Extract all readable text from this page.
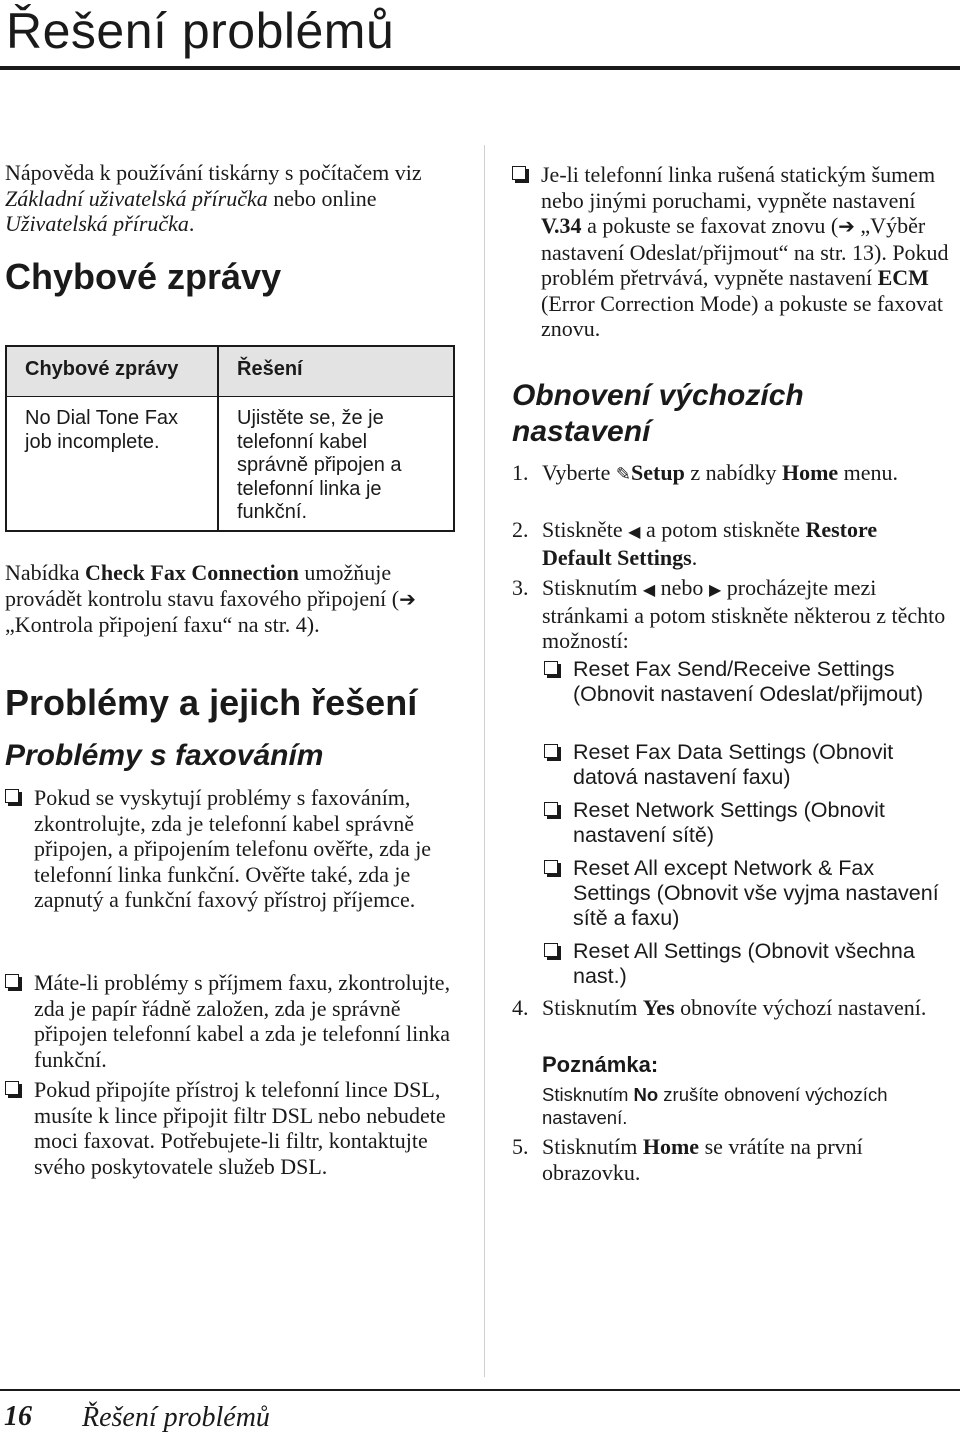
Řešení problémů

Nápověda k používání tiskárny s počítačem viz Základní uživatelská příručka nebo online Uživatelská příručka.

Chybové zprávy
Chybové zprávy	Řešení
No Dial Tone Fax job incomplete.
Ujistěte se, že je telefonní kabel správně připojen a telefonní linka je funkční.

Nabídka Check Fax Connection umožňuje provádět kontrolu stavu faxového připojení (➔ „Kontrola připojení faxu“ na str. 4).

Problémy a jejich řešení
Problémy s faxováním
Pokud se vyskytují problémy s faxováním, zkontrolujte, zda je telefonní kabel správně připojen, a připojením telefonu ověřte, zda je telefonní linka funkční. Ověřte také, zda je zapnutý a funkční faxový přístroj příjemce.
Máte-li problémy s příjmem faxu, zkontrolujte, zda je papír řádně založen, zda je správně připojen telefonní kabel a zda je telefonní linka funkční.
Pokud připojíte přístroj k telefonní lince DSL, musíte k lince připojit filtr DSL nebo nebudete moci faxovat. Potřebujete-li filtr, kontaktujte svého poskytovatele služeb DSL.
Je-li telefonní linka rušená statickým šumem nebo jinými poruchami, vypněte nastavení V.34 a pokuste se faxovat znovu (➔ „Výběr nastavení Odeslat/přijmout“ na str. 13). Pokud problém přetrvává, vypněte nastavení ECM (Error Correction Mode) a pokuste se faxovat znovu.
Obnovení výchozích nastavení
1. Vyberte ✎Setup z nabídky Home menu.
2. Stiskněte ◀ a potom stiskněte Restore Default Settings.
3. Stisknutím ◀ nebo ▶ procházejte mezi stránkami a potom stiskněte některou z těchto možností:
Reset Fax Send/Receive Settings (Obnovit nastavení Odeslat/přijmout)
Reset Fax Data Settings (Obnovit datová nastavení faxu)
Reset Network Settings (Obnovit nastavení sítě)
Reset All except Network & Fax Settings (Obnovit vše vyjma nastavení sítě a faxu)
Reset All Settings (Obnovit všechna nast.)
4. Stisknutím Yes obnovíte výchozí nastavení.
Poznámka:
Stisknutím No zrušíte obnovení výchozích nastavení.
5. Stisknutím Home se vrátíte na první obrazovku.
16 Řešení problémů
